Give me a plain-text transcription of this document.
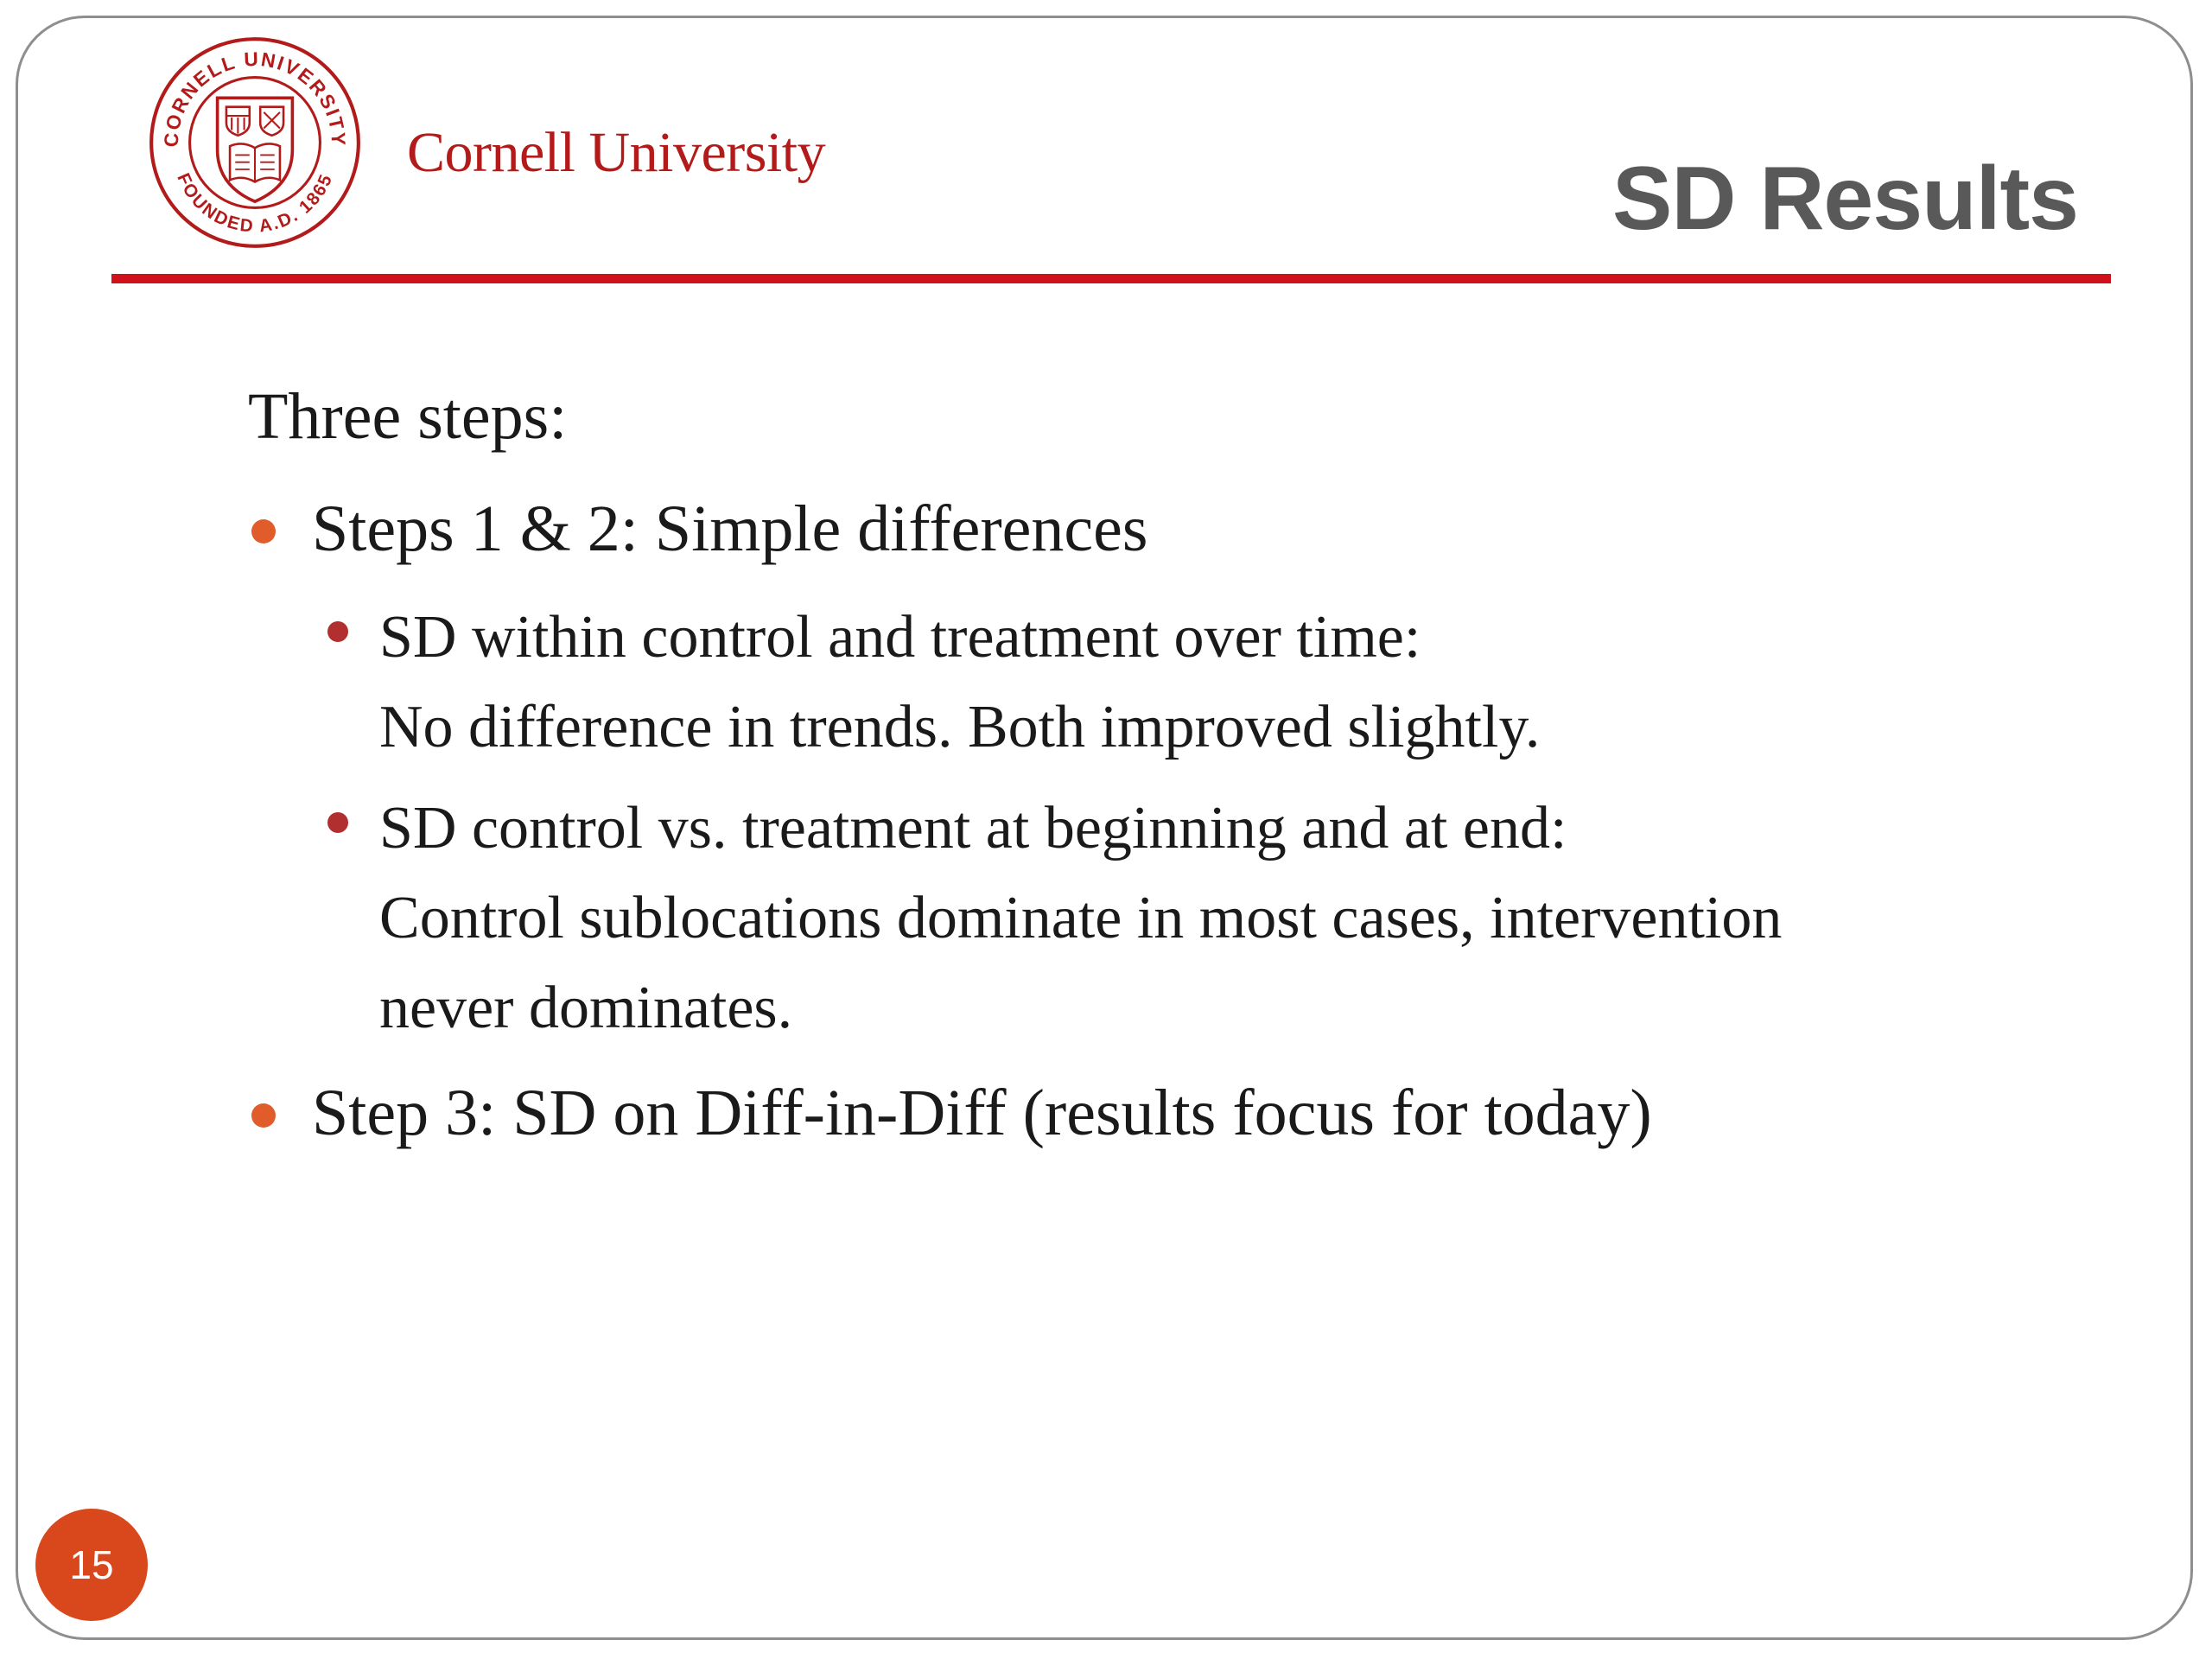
CORNELL UNIVERSITY
FOUNDED A.D. 1865 Cornell University	SD Results
Three steps:
Steps 1 & 2: Simple differences
SD within control and treatment over time:
No difference in trends. Both improved slightly.
SD control vs. treatment at beginning and at end:
Control sublocations dominate in most cases, intervention
never dominates.
Step 3: SD on Diff-in-Diff (results focus for today)
15
